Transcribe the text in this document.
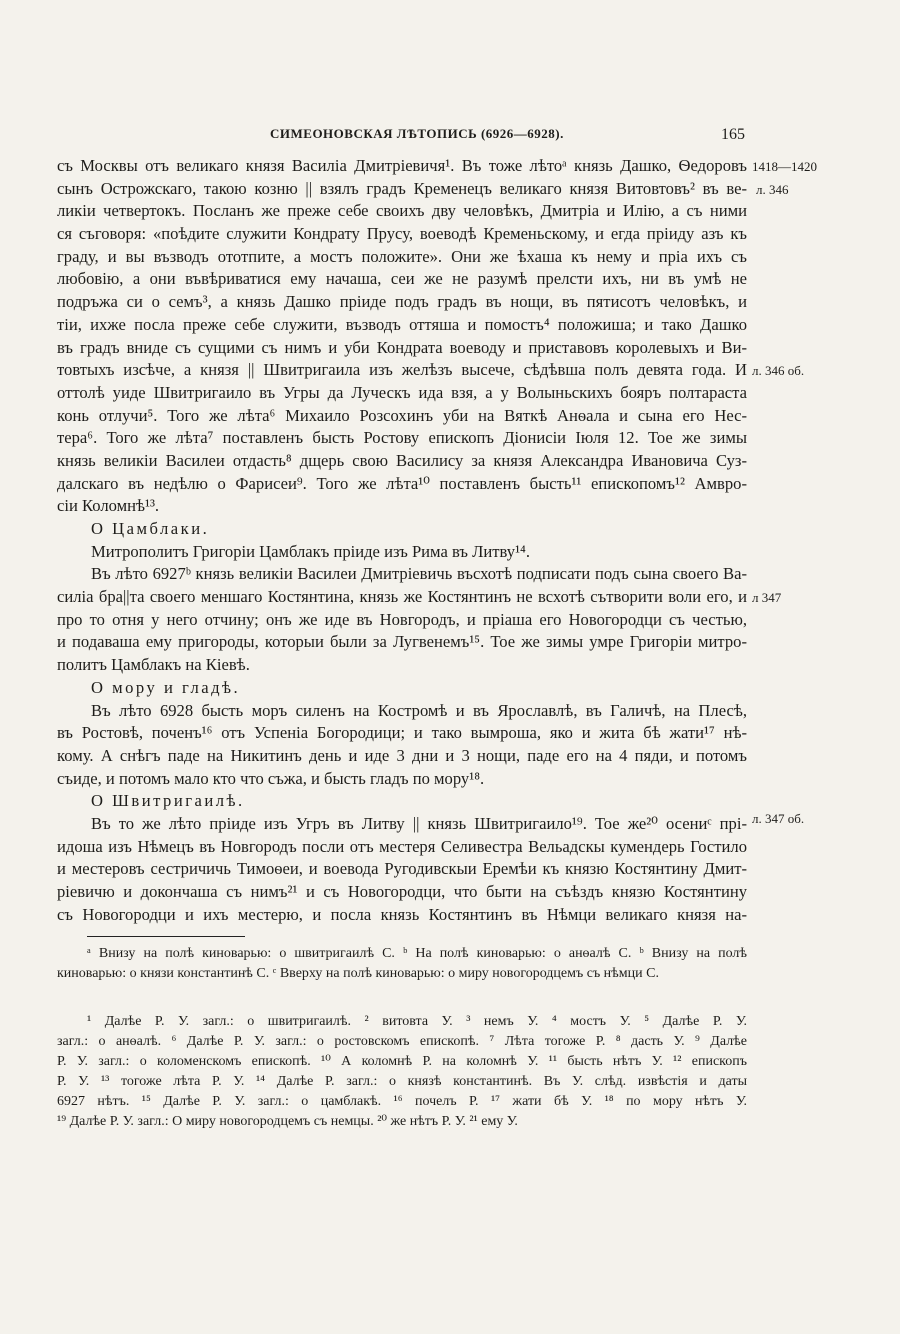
СИМЕОНОВСКАЯ ЛѢТОПИСЬ (6926—6928).	165
съ Москвы отъ великаго князя Василіа Дмитріевичя¹. Въ тоже лѣтоᵃ князь Дашко, Ѳедоровъ
сынъ Острожскаго, такою козню || взялъ градъ Кременецъ великаго князя Витовтовъ² въ ве-
ликіи четвертокъ. Посланъ же преже себе своихъ дву человѣкъ, Дмитріа и Илію, а съ ними
ся съговоря: «поѣдите служити Кондрату Прусу, воеводѣ Кременьскому, и егда пріиду азъ къ
граду, и вы възводъ ототпите, а мостъ положите». Они же ѣхаша къ нему и пріа ихъ съ
любовію, а они въвѣриватися ему начаша, сеи же не разумѣ прелсти ихъ, ни въ умѣ не
подръжа си о семъ³, а князь Дашко пріиде подъ градъ въ нощи, въ пятисотъ человѣкъ, и
тіи, ихже посла преже себе служити, възводъ оттяша и помостъ⁴ положиша; и тако Дашко
въ градъ вниде съ сущими съ нимъ и уби Кондрата воеводу и приставовъ королевыхъ и Ви-
товтыхъ изсѣче, а князя || Швитригаила изъ желѣзъ высече, сѣдѣвша полъ девята года. И
оттолѣ уиде Швитригаило въ Угры да Луческъ ида взя, а у Волыньскихъ бояръ полтараста
конь отлучи⁵. Того же лѣта⁶ Михаило Розсохинъ уби на Вяткѣ Анѳала и сына его Нес-
тера⁶. Того же лѣта⁷ поставленъ бысть Ростову епископъ Діонисіи Іюля 12. Тое же зимы
князь великіи Василеи отдасть⁸ дщерь свою Василису за князя Александра Ивановича Суз-
далскаго въ недѣлю о Фарисеи⁹. Того же лѣта¹⁰ поставленъ бысть¹¹ епископомъ¹² Амвро-
сіи Коломнѣ¹³.
О Цамблаки.
Митрополитъ Григоріи Цамблакъ пріиде изъ Рима въ Литву¹⁴.
Въ лѣто 6927ᵇ князь великіи Василеи Дмитріевичь въсхотѣ подписати подъ сына своего Ва-
силіа бра||та своего меншаго Костянтина, князь же Костянтинъ не всхотѣ сътворити воли его, и
про то отня у него отчину; онъ же иде въ Новгородъ, и пріаша его Новогородци съ честью,
и подаваша ему пригороды, которыи были за Лугвенемъ¹⁵. Тое же зимы умре Григоріи митро-
политъ Цамблакъ на Кіевѣ.
О мору и гладѣ.
Въ лѣто 6928 бысть моръ силенъ на Костромѣ и въ Ярославлѣ, въ Галичѣ, на Плесѣ,
въ Ростовѣ, поченъ¹⁶ отъ Успеніа Богородици; и тако вымроша, яко и жита бѣ жати¹⁷ нѣ-
кому. А снѣгъ паде на Никитинъ день и иде 3 дни и 3 нощи, паде его на 4 пяди, и потомъ
съиде, и потомъ мало кто что съжа, и бысть гладъ по мору¹⁸.
О Швитригаилѣ.
Въ то же лѣто пріиде изъ Угръ въ Литву || князь Швитригаило¹⁹. Тое же²⁰ осениᶜ прі-
идоша изъ Нѣмецъ въ Новгородъ посли отъ местеря Селивестра Вельадскы кумендерь Гостило
и местеровъ сестричичь Тимоѳеи, и воевода Ругодивскыи Еремѣи къ князю Костянтину Дмит-
ріевичю и докончаша съ нимъ²¹ и съ Новогородци, что быти на съѣздъ князю Костянтину
съ Новогородци и ихъ местерю, и посла князь Костянтинъ въ Нѣмци великаго князя на-
1418—1420
л. 346
л. 346 об.
л 347
л. 347 об.
ᵃ Внизу на полѣ киноварью: о швитригаилѣ С. ᵇ На полѣ киноварью: о анѳалѣ С. ᵇ Внизу на полѣ
киноварью: о князи константинѣ С. ᶜ Вверху на полѣ киноварью: о миру новогородцемъ съ нѣмци С.
¹ Далѣе Р. У. загл.: о швитригаилѣ. ² витовта У. ³ немъ У. ⁴ мостъ У. ⁵ Далѣе Р. У.
загл.: о анѳалѣ. ⁶ Далѣе Р. У. загл.: о ростовскомъ епископѣ. ⁷ Лѣта тогоже Р. ⁸ дасть У. ⁹ Далѣе
Р. У. загл.: о коломенскомъ епископѣ. ¹⁰ А коломнѣ Р. на коломнѣ У. ¹¹ бысть нѣтъ У. ¹² епископъ
Р. У. ¹³ тогоже лѣта Р. У. ¹⁴ Далѣе Р. загл.: о князѣ константинѣ. Въ У. слѣд. извѣстія и даты
6927 нѣтъ. ¹⁵ Далѣе Р. У. загл.: о цамблакѣ. ¹⁶ почелъ Р. ¹⁷ жати бѣ У. ¹⁸ по мору нѣтъ У.
¹⁹ Далѣе Р. У. загл.: О миру новогородцемъ съ немцы. ²⁰ же нѣтъ Р. У. ²¹ ему У.
